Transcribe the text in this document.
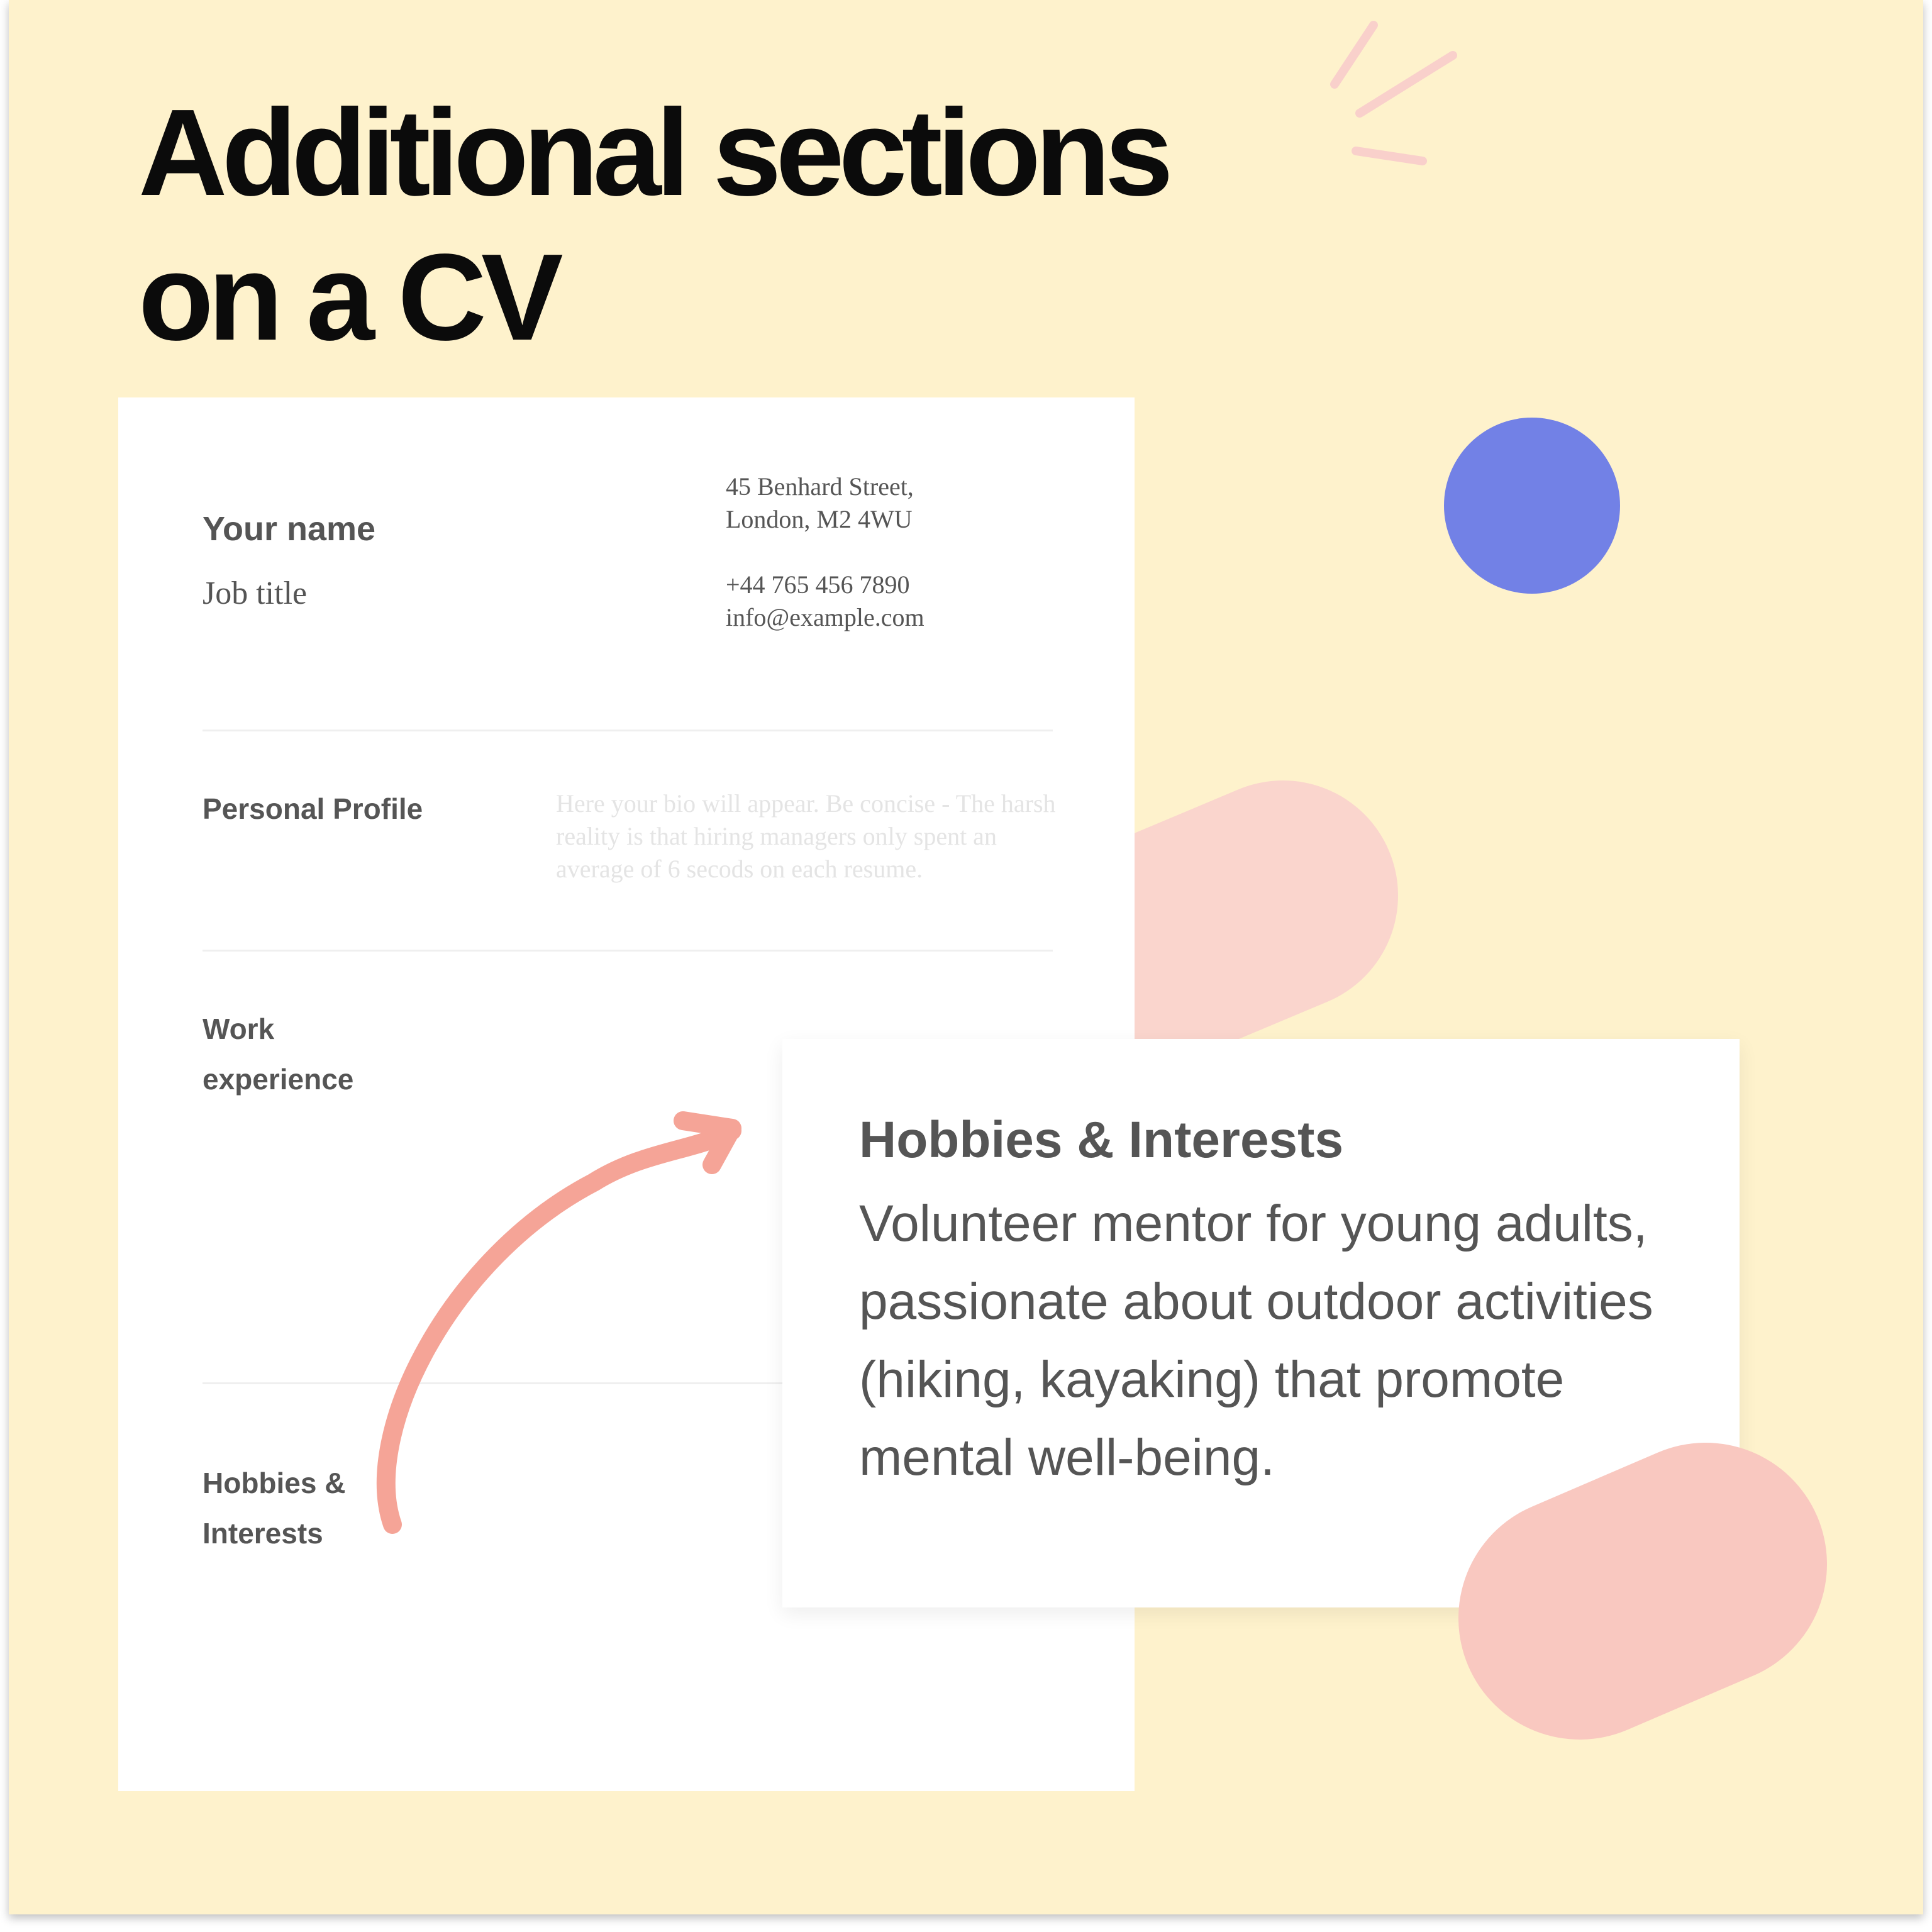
Additional sections
on a CV
Your name
Job title
45 Benhard Street,
London, M2 4WU
+44 765 456 7890
info@example.com
Personal Profile	Here your bio will appear. Be concise - The harsh reality is that hiring managers only spent an average of 6 secods on each resume.
Work experience
Hobbies & Interests
Hobbies & Interests
Volunteer mentor for young adults, passionate about outdoor activities (hiking, kayaking) that promote mental well-being.
